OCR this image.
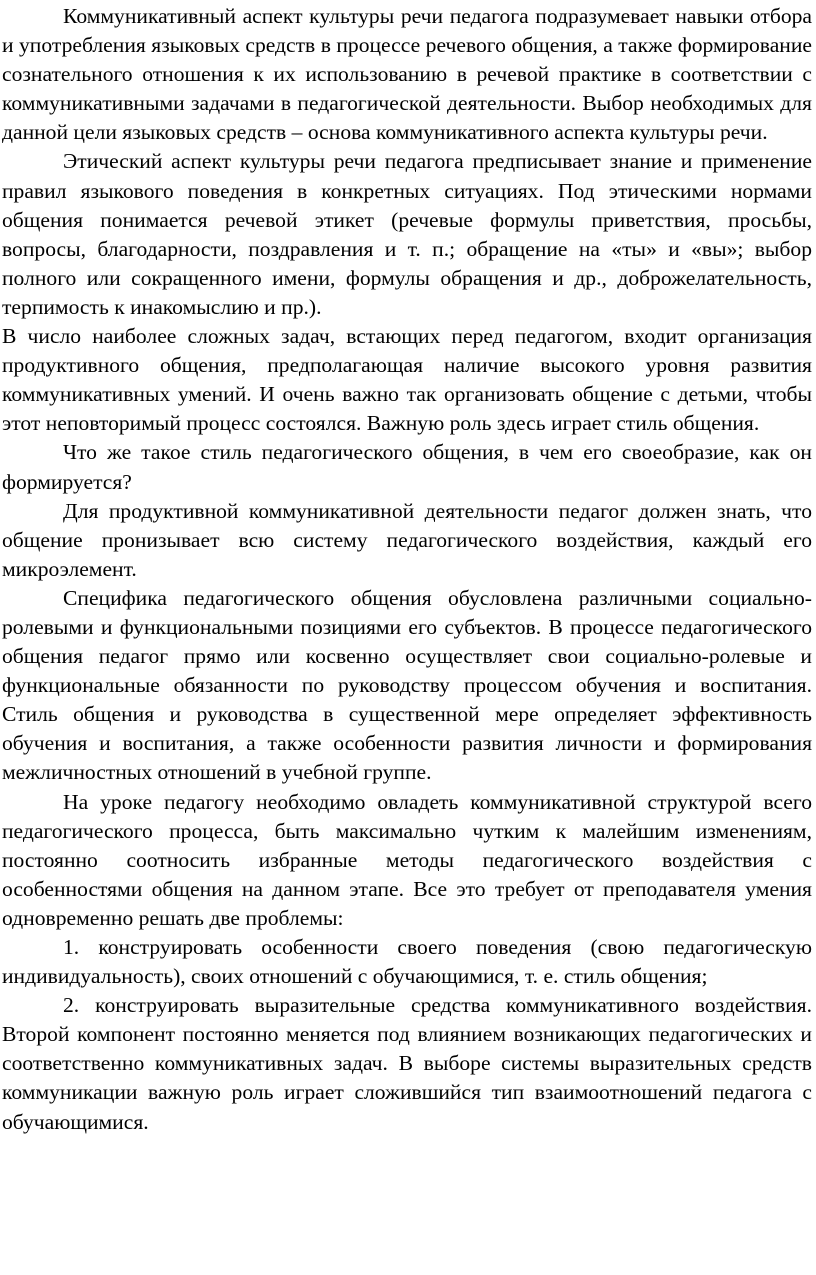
Коммуникативный аспект культуры речи педагога подразумевает навыки отбора и употребления языковых средств в процессе речевого общения, а также формирование сознательного отношения к их использованию в речевой практике в соответствии с коммуникативными задачами в педагогической деятельности. Выбор необходимых для данной цели языковых средств – основа коммуникативного аспекта культуры речи.

Этический аспект культуры речи педагога предписывает знание и применение правил языкового поведения в конкретных ситуациях. Под этическими нормами общения понимается речевой этикет (речевые формулы приветствия, просьбы, вопросы, благодарности, поздравления и т. п.; обращение на «ты» и «вы»; выбор полного или сокращенного имени, формулы обращения и др., доброжелательность, терпимость к инакомыслию и пр.).

В число наиболее сложных задач, встающих перед педагогом, входит организация продуктивного общения, предполагающая наличие высокого уровня развития коммуникативных умений. И очень важно так организовать общение с детьми, чтобы этот неповторимый процесс состоялся. Важную роль здесь играет стиль общения.

Что же такое стиль педагогического общения, в чем его своеобразие, как он формируется?

Для продуктивной коммуникативной деятельности педагог должен знать, что общение пронизывает всю систему педагогического воздействия, каждый его микроэлемент.

Специфика педагогического общения обусловлена различными социально-ролевыми и функциональными позициями его субъектов. В процессе педагогического общения педагог прямо или косвенно осуществляет свои социально-ролевые и функциональные обязанности по руководству процессом обучения и воспитания. Стиль общения и руководства в существенной мере определяет эффективность обучения и воспитания, а также особенности развития личности и формирования межличностных отношений в учебной группе.

На уроке педагогу необходимо овладеть коммуникативной структурой всего педагогического процесса, быть максимально чутким к малейшим изменениям, постоянно соотносить избранные методы педагогического воздействия с особенностями общения на данном этапе. Все это требует от преподавателя умения одновременно решать две проблемы:

1. конструировать особенности своего поведения (свою педагогическую индивидуальность), своих отношений с обучающимися, т. е. стиль общения;

2. конструировать выразительные средства коммуникативного воздействия. Второй компонент постоянно меняется под влиянием возникающих педагогических и соответственно коммуникативных задач. В выборе системы выразительных средств коммуникации важную роль играет сложившийся тип взаимоотношений педагога с обучающимися.
